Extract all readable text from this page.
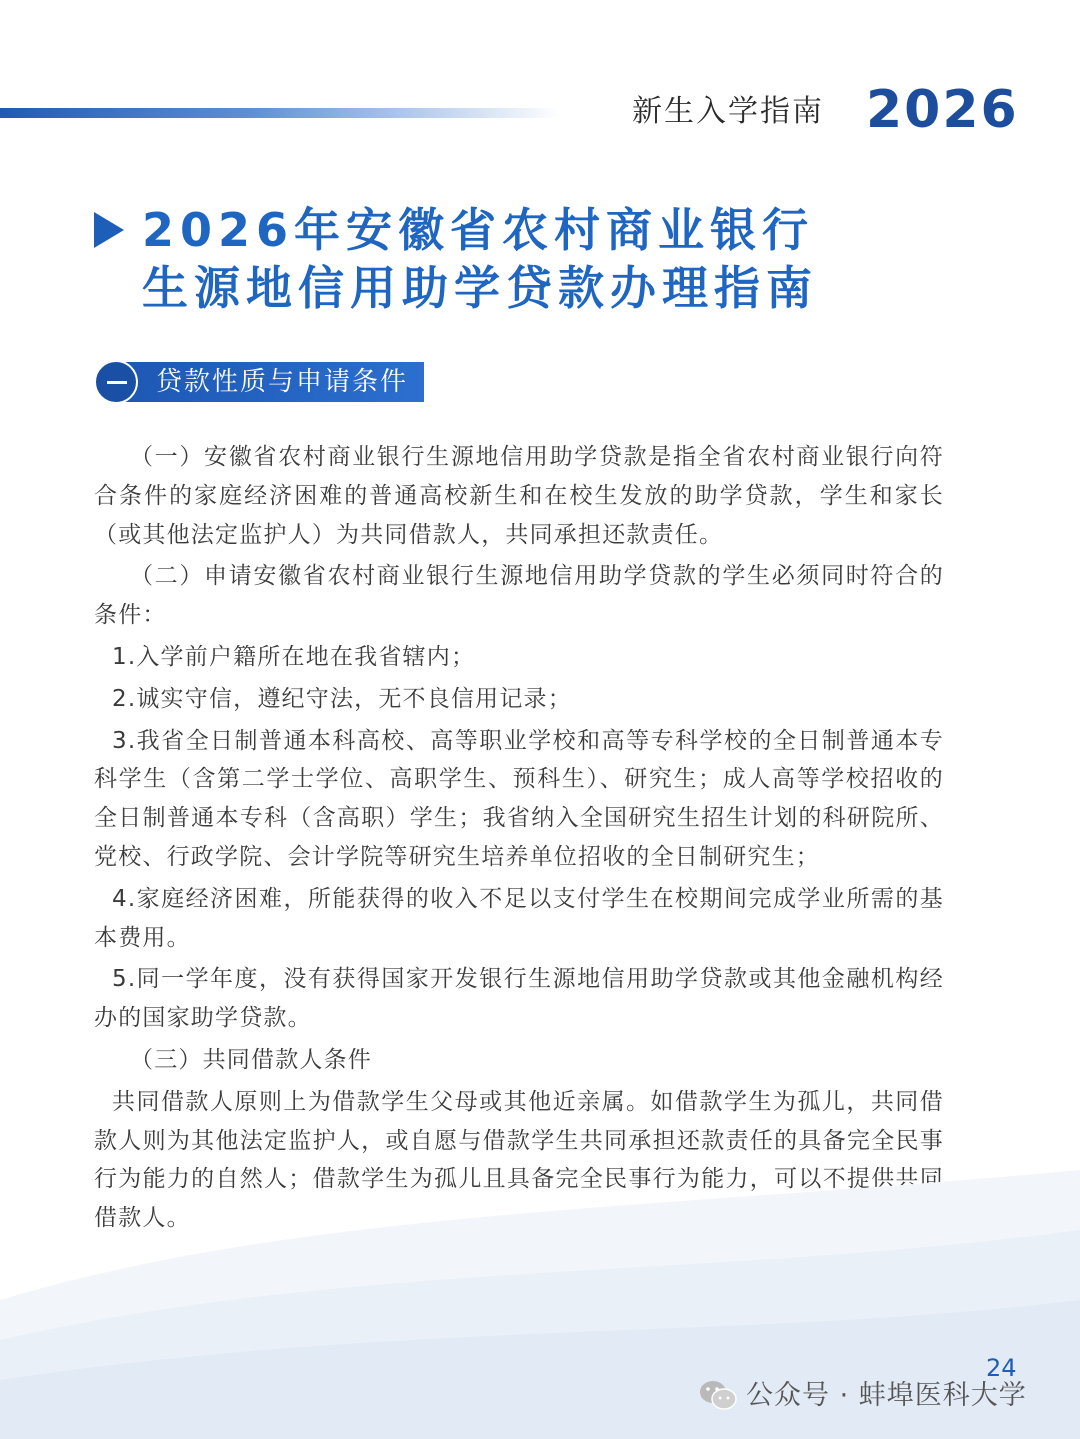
新生入学指南 2026
2026年安徽省农村商业银行
生源地信用助学贷款办理指南
贷款性质与申请条件

（一）安徽省农村商业银行生源地信用助学贷款是指全省农村商业银行向符合条件的家庭经济困难的普通高校新生和在校生发放的助学贷款，学生和家长（或其他法定监护人）为共同借款人，共同承担还款责任。

（二）申请安徽省农村商业银行生源地信用助学贷款的学生必须同时符合的条件：

1.入学前户籍所在地在我省辖内；

2.诚实守信，遵纪守法，无不良信用记录；

3.我省全日制普通本科高校、高等职业学校和高等专科学校的全日制普通本专科学生（含第二学士学位、高职学生、预科生）、研究生；成人高等学校招收的全日制普通本专科（含高职）学生；我省纳入全国研究生招生计划的科研院所、党校、行政学院、会计学院等研究生培养单位招收的全日制研究生；

4.家庭经济困难，所能获得的收入不足以支付学生在校期间完成学业所需的基本费用。

5.同一学年度，没有获得国家开发银行生源地信用助学贷款或其他金融机构经办的国家助学贷款。

（三）共同借款人条件

共同借款人原则上为借款学生父母或其他近亲属。如借款学生为孤儿，共同借款人则为其他法定监护人，或自愿与借款学生共同承担还款责任的具备完全民事行为能力的自然人；借款学生为孤儿且具备完全民事行为能力，可以不提供共同借款人。

24
公众号 · 蚌埠医科大学
